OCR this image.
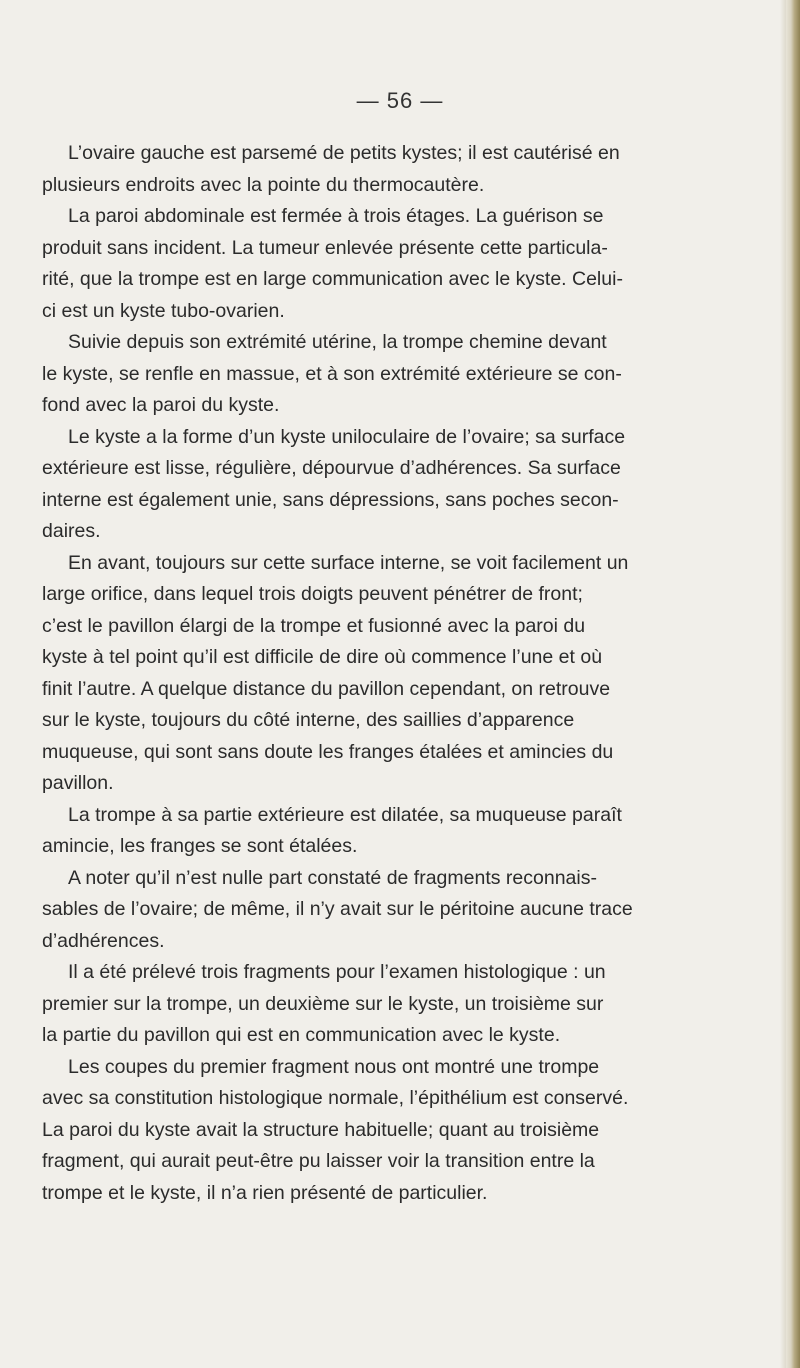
— 56 —
L’ovaire gauche est parsemé de petits kystes; il est cautérisé en
plusieurs endroits avec la pointe du thermocautère.
La paroi abdominale est fermée à trois étages. La guérison se
produit sans incident. La tumeur enlevée présente cette particula-
rité, que la trompe est en large communication avec le kyste. Celui-
ci est un kyste tubo-ovarien.
Suivie depuis son extrémité utérine, la trompe chemine devant
le kyste, se renfle en massue, et à son extrémité extérieure se con-
fond avec la paroi du kyste.
Le kyste a la forme d’un kyste uniloculaire de l’ovaire; sa surface
extérieure est lisse, régulière, dépourvue d’adhérences. Sa surface
interne est également unie, sans dépressions, sans poches secon-
daires.
En avant, toujours sur cette surface interne, se voit facilement un
large orifice, dans lequel trois doigts peuvent pénétrer de front;
c’est le pavillon élargi de la trompe et fusionné avec la paroi du
kyste à tel point qu’il est difficile de dire où commence l’une et où
finit l’autre. A quelque distance du pavillon cependant, on retrouve
sur le kyste, toujours du côté interne, des saillies d’apparence
muqueuse, qui sont sans doute les franges étalées et amincies du
pavillon.
La trompe à sa partie extérieure est dilatée, sa muqueuse paraît
amincie, les franges se sont étalées.
A noter qu’il n’est nulle part constaté de fragments reconnais-
sables de l’ovaire; de même, il n’y avait sur le péritoine aucune trace
d’adhérences.
Il a été prélevé trois fragments pour l’examen histologique : un
premier sur la trompe, un deuxième sur le kyste, un troisième sur
la partie du pavillon qui est en communication avec le kyste.
Les coupes du premier fragment nous ont montré une trompe
avec sa constitution histologique normale, l’épithélium est conservé.
La paroi du kyste avait la structure habituelle; quant au troisième
fragment, qui aurait peut-être pu laisser voir la transition entre la
trompe et le kyste, il n’a rien présenté de particulier.
